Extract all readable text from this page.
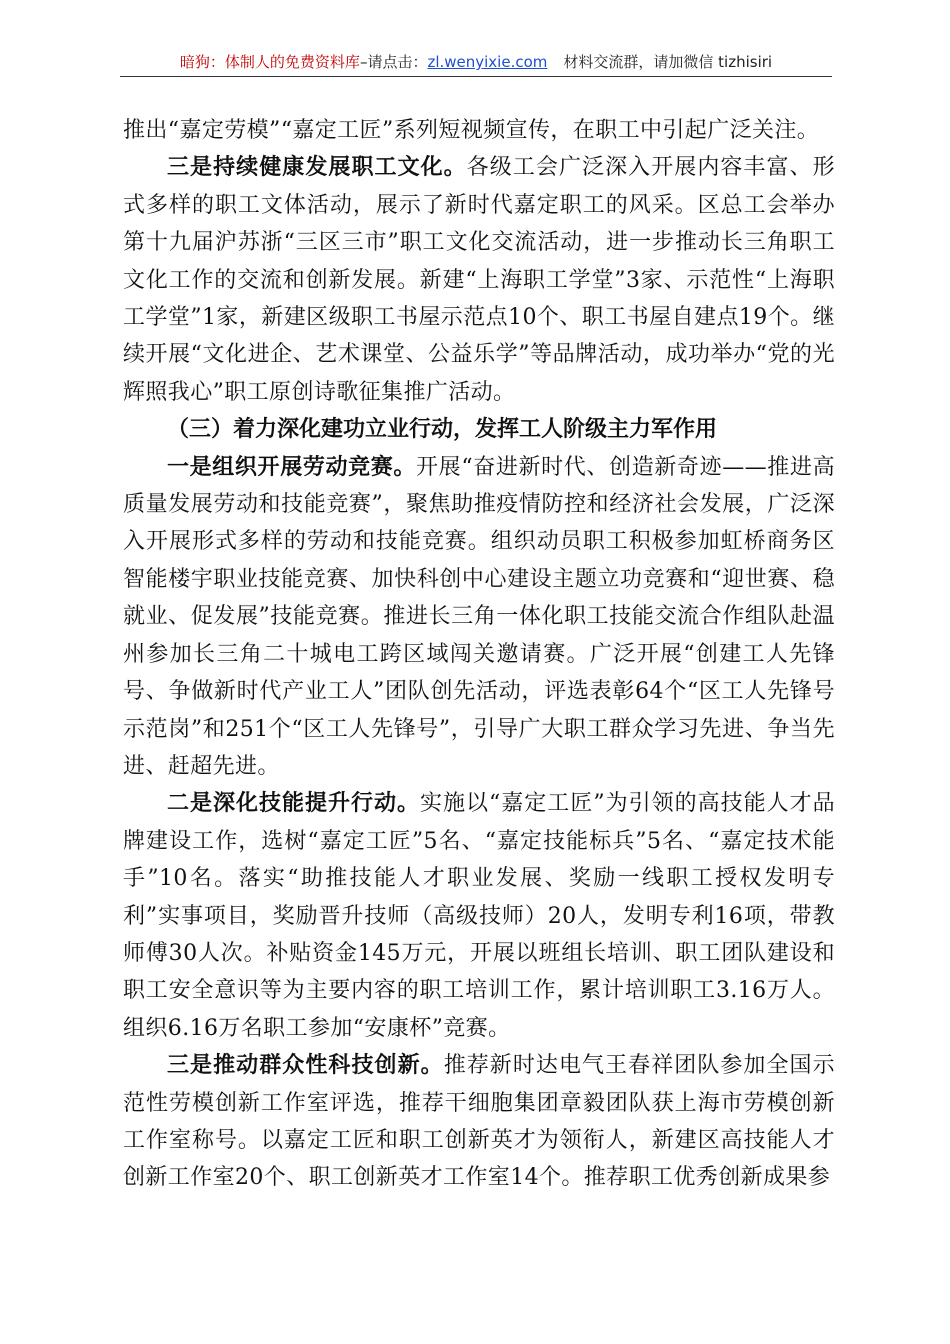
暗狗：体制人的免费资料库 –请点击： zl.wenyixie.com 材料交流群，请加微信 tizhisiri

推出“嘉定劳模”“嘉定工匠”系列短视频宣传，在职工中引起广泛关注。

三是持续健康发展职工文化。各级工会广泛深入开展内容丰富、形式多样的职工文体活动，展示了新时代嘉定职工的风采。区总工会举办第十九届沪苏浙“三区三市”职工文化交流活动，进一步推动长三角职工文化工作的交流和创新发展。新建“上海职工学堂”3家、示范性“上海职工学堂”1家，新建区级职工书屋示范点10个、职工书屋自建点19个。继续开展“文化进企、艺术课堂、公益乐学”等品牌活动，成功举办“党的光辉照我心”职工原创诗歌征集推广活动。

（三）着力深化建功立业行动，发挥工人阶级主力军作用

一是组织开展劳动竞赛。开展“奋进新时代、创造新奇迹——推进高质量发展劳动和技能竞赛”，聚焦助推疫情防控和经济社会发展，广泛深入开展形式多样的劳动和技能竞赛。组织动员职工积极参加虹桥商务区智能楼宇职业技能竞赛、加快科创中心建设主题立功竞赛和“迎世赛、稳就业、促发展”技能竞赛。推进长三角一体化职工技能交流合作组队赴温州参加长三角二十城电工跨区域闯关邀请赛。广泛开展“创建工人先锋号、争做新时代产业工人”团队创先活动，评选表彰64个“区工人先锋号示范岗”和251个“区工人先锋号”，引导广大职工群众学习先进、争当先进、赶超先进。

二是深化技能提升行动。实施以“嘉定工匠”为引领的高技能人才品牌建设工作，选树“嘉定工匠”5名、“嘉定技能标兵”5名、“嘉定技术能手”10名。落实“助推技能人才职业发展、奖励一线职工授权发明专利”实事项目，奖励晋升技师（高级技师）20人，发明专利16项，带教师傅30人次。补贴资金145万元，开展以班组长培训、职工团队建设和职工安全意识等为主要内容的职工培训工作，累计培训职工3.16万人。组织6.16万名职工参加“安康杯”竞赛。

三是推动群众性科技创新。推荐新时达电气王春祥团队参加全国示范性劳模创新工作室评选，推荐干细胞集团章毅团队获上海市劳模创新工作室称号。以嘉定工匠和职工创新英才为领衔人，新建区高技能人才创新工作室20个、职工创新英才工作室14个。推荐职工优秀创新成果参
